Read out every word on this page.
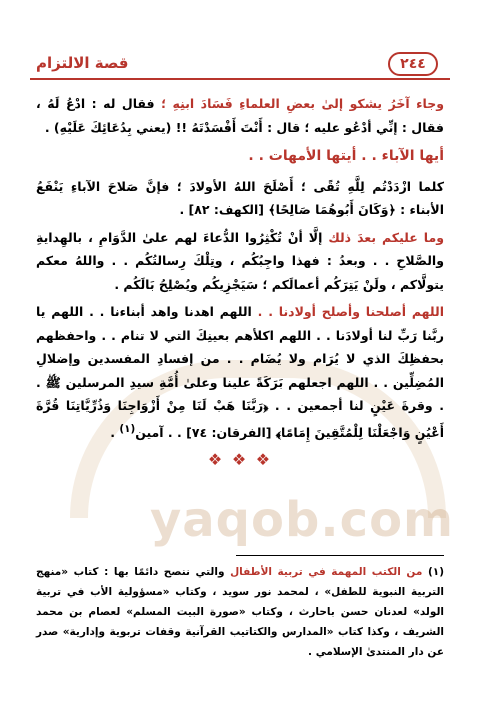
٢٤٤
قصة الالتزام
yaqob.com

وجاء آخَرُ يشكو إلىٰ بعضِ العلماءِ فَسَادَ ابنِهِ ؛ فقال له : ادْعُ لَهُ ، فقال : إنِّي أدْعُو عليه ؛ قال : أَنْتَ أَفْسَدْتَهُ !! (يعني بِدُعَائِكَ عَلَيْهِ) .

أيها الآباء . . أيتها الأمهات . .

كلما ازْدَدْتُم لِلَّهِ تُقًى ؛ أَصْلَحَ اللهُ الأولادَ ؛ فإنَّ صَلاحَ الآباءِ يَنْفَعُ الأبناء : ﴿وَكَانَ أَبُوهُمَا صَالِحًا﴾ [الكهف: ٨٢] .

وما عليكم بعدَ ذلك إلَّا أنْ تُكْثِرُوا الدُّعاءَ لهم علىٰ الدَّوَامِ ، بالهِدايةِ والصَّلاحِ . . وبعدُ : فهذا واجِبُكُم ، وتِلْكَ رِسالتُكُم . . واللهُ معكم يتولَّاكم ، ولَنْ يَتِرَكُم أعمالَكم ؛ سَيَجْزِيكُم ويُصْلِحُ بَالَكُم .

اللهم أصلحنا وأصلح أولادنا . . اللهم اهدنا واهد أبناءنا . . اللهم يا ربَّنا رَبِّ لنا أولادَنا . . اللهم اكلأهم بعينِكَ التي لا تنام . . واحفظهم بحفظِكَ الذي لا يُرَام ولا يُضَام . . من إفسادِ المفسدين وإضلالِ المُضِلِّين . . اللهم اجعلهم بَرَكَةً علينا وعلىٰ أُمَّةِ سيدِ المرسلين ﷺ . . وقرةَ عَيْنٍ لنا أجمعين . . ﴿رَبَّنَا هَبْ لَنَا مِنْ أَزْوَاجِنَا وَذُرِّيَّاتِنَا قُرَّةَ أَعْيُنٍ وَاجْعَلْنَا لِلْمُتَّقِينَ إِمَامًا﴾ [الفرقان: ٧٤] . . آمين$^{(١)}$ .

❖ ❖ ❖

(١) من الكتب المهمة في تربية الأطفال والتي ننصح دائمًا بها : كتاب «منهج التربية النبوية للطفل» ، لمحمد نور سويد ، وكتاب «مسؤولية الأب في تربية الولد» لعدنان حسن باحارث ، وكتاب «صورة البيت المسلم» لعصام بن محمد الشريف ، وكذا كتاب «المدارس والكتاتيب القرآنية وقفات تربوية وإدارية» صدر عن دار المنتدىٰ الإسلامي .
